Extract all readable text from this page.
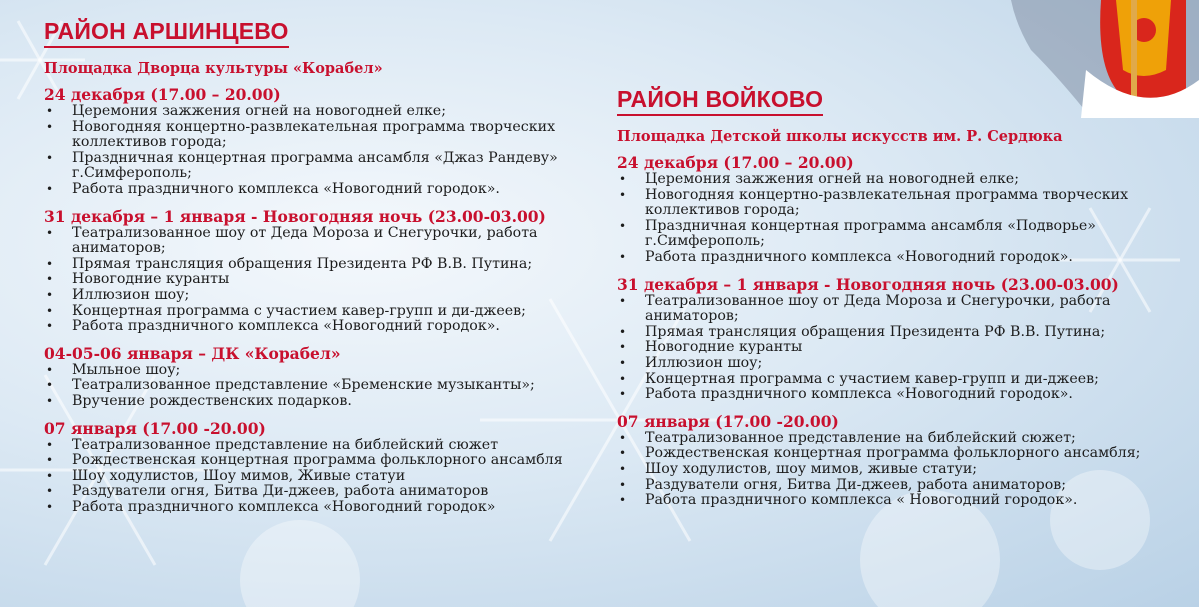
РАЙОН АРШИНЦЕВО
Площадка Дворца культуры «Корабел»
24 декабря (17.00 – 20.00)
• Церемония зажжения огней на новогодней елке;
• Новогодняя концертно-развлекательная программа творческих коллективов города;
• Праздничная концертная программа ансамбля «Джаз Рандеву» г.Симферополь;
• Работа праздничного комплекса «Новогодний городок».
31 декабря – 1 января - Новогодняя ночь (23.00-03.00)
• Театрализованное шоу от Деда Мороза и Снегурочки, работа аниматоров;
• Прямая трансляция обращения Президента РФ В.В. Путина;
• Новогодние куранты
• Иллюзион шоу;
• Концертная программа с участием кавер-групп и ди-джеев;
• Работа праздничного комплекса «Новогодний городок».
04-05-06 января – ДК «Корабел»
• Мыльное шоу;
• Театрализованное представление «Бременские музыканты»;
• Вручение рождественских подарков.
07 января (17.00 -20.00)
• Театрализованное представление на библейский сюжет
• Рождественская концертная программа фольклорного ансамбля
• Шоу ходулистов, Шоу мимов, Живые статуи
• Раздуватели огня, Битва Ди-джеев, работа аниматоров
• Работа праздничного комплекса «Новогодний городок»
РАЙОН ВОЙКОВО
Площадка Детской школы искусств им. Р. Сердюка
24 декабря (17.00 – 20.00)
• Церемония зажжения огней на новогодней елке;
• Новогодняя концертно-развлекательная программа творческих коллективов города;
• Праздничная концертная программа ансамбля «Подворье» г.Симферополь;
• Работа праздничного комплекса «Новогодний городок».
31 декабря – 1 января - Новогодняя ночь (23.00-03.00)
• Театрализованное шоу от Деда Мороза и Снегурочки, работа аниматоров;
• Прямая трансляция обращения Президента РФ В.В. Путина;
• Новогодние куранты
• Иллюзион шоу;
• Концертная программа с участием кавер-групп и ди-джеев;
• Работа праздничного комплекса «Новогодний городок».
07 января (17.00 -20.00)
• Театрализованное представление на библейский сюжет;
• Рождественская концертная программа фольклорного ансамбля;
• Шоу ходулистов, шоу мимов, живые статуи;
• Раздуватели огня, Битва Ди-джеев, работа аниматоров;
• Работа праздничного комплекса « Новогодний городок».
